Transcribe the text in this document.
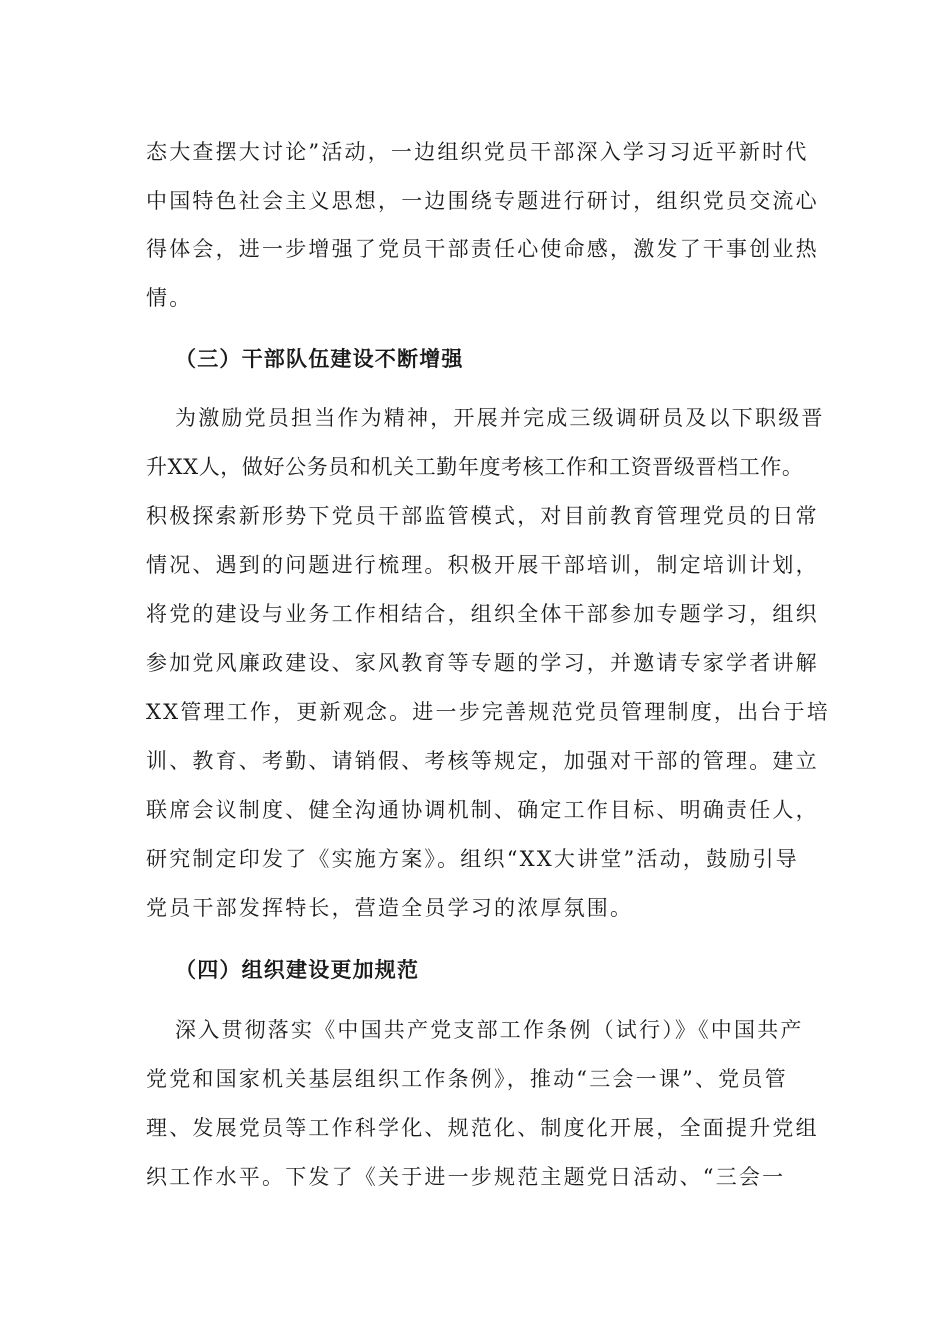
态大查摆大讨论”活动，一边组织党员干部深入学习习近平新时代
中国特色社会主义思想，一边围绕专题进行研讨，组织党员交流心
得体会，进一步增强了党员干部责任心使命感，激发了干事创业热
情。
（三）干部队伍建设不断增强
为激励党员担当作为精神，开展并完成三级调研员及以下职级晋
升XX人，做好公务员和机关工勤年度考核工作和工资晋级晋档工作。
积极探索新形势下党员干部监管模式，对目前教育管理党员的日常
情况、遇到的问题进行梳理。积极开展干部培训，制定培训计划，
将党的建设与业务工作相结合，组织全体干部参加专题学习，组织
参加党风廉政建设、家风教育等专题的学习，并邀请专家学者讲解
XX管理工作，更新观念。进一步完善规范党员管理制度，出台于培
训、教育、考勤、请销假、考核等规定，加强对干部的管理。建立
联席会议制度、健全沟通协调机制、确定工作目标、明确责任人，
研究制定印发了《实施方案》。组织“XX大讲堂”活动，鼓励引导
党员干部发挥特长，营造全员学习的浓厚氛围。
（四）组织建设更加规范
深入贯彻落实《中国共产党支部工作条例（试行）》《中国共产
党党和国家机关基层组织工作条例》，推动“三会一课”、党员管
理、发展党员等工作科学化、规范化、制度化开展，全面提升党组
织工作水平。下发了《关于进一步规范主题党日活动、“三会一
